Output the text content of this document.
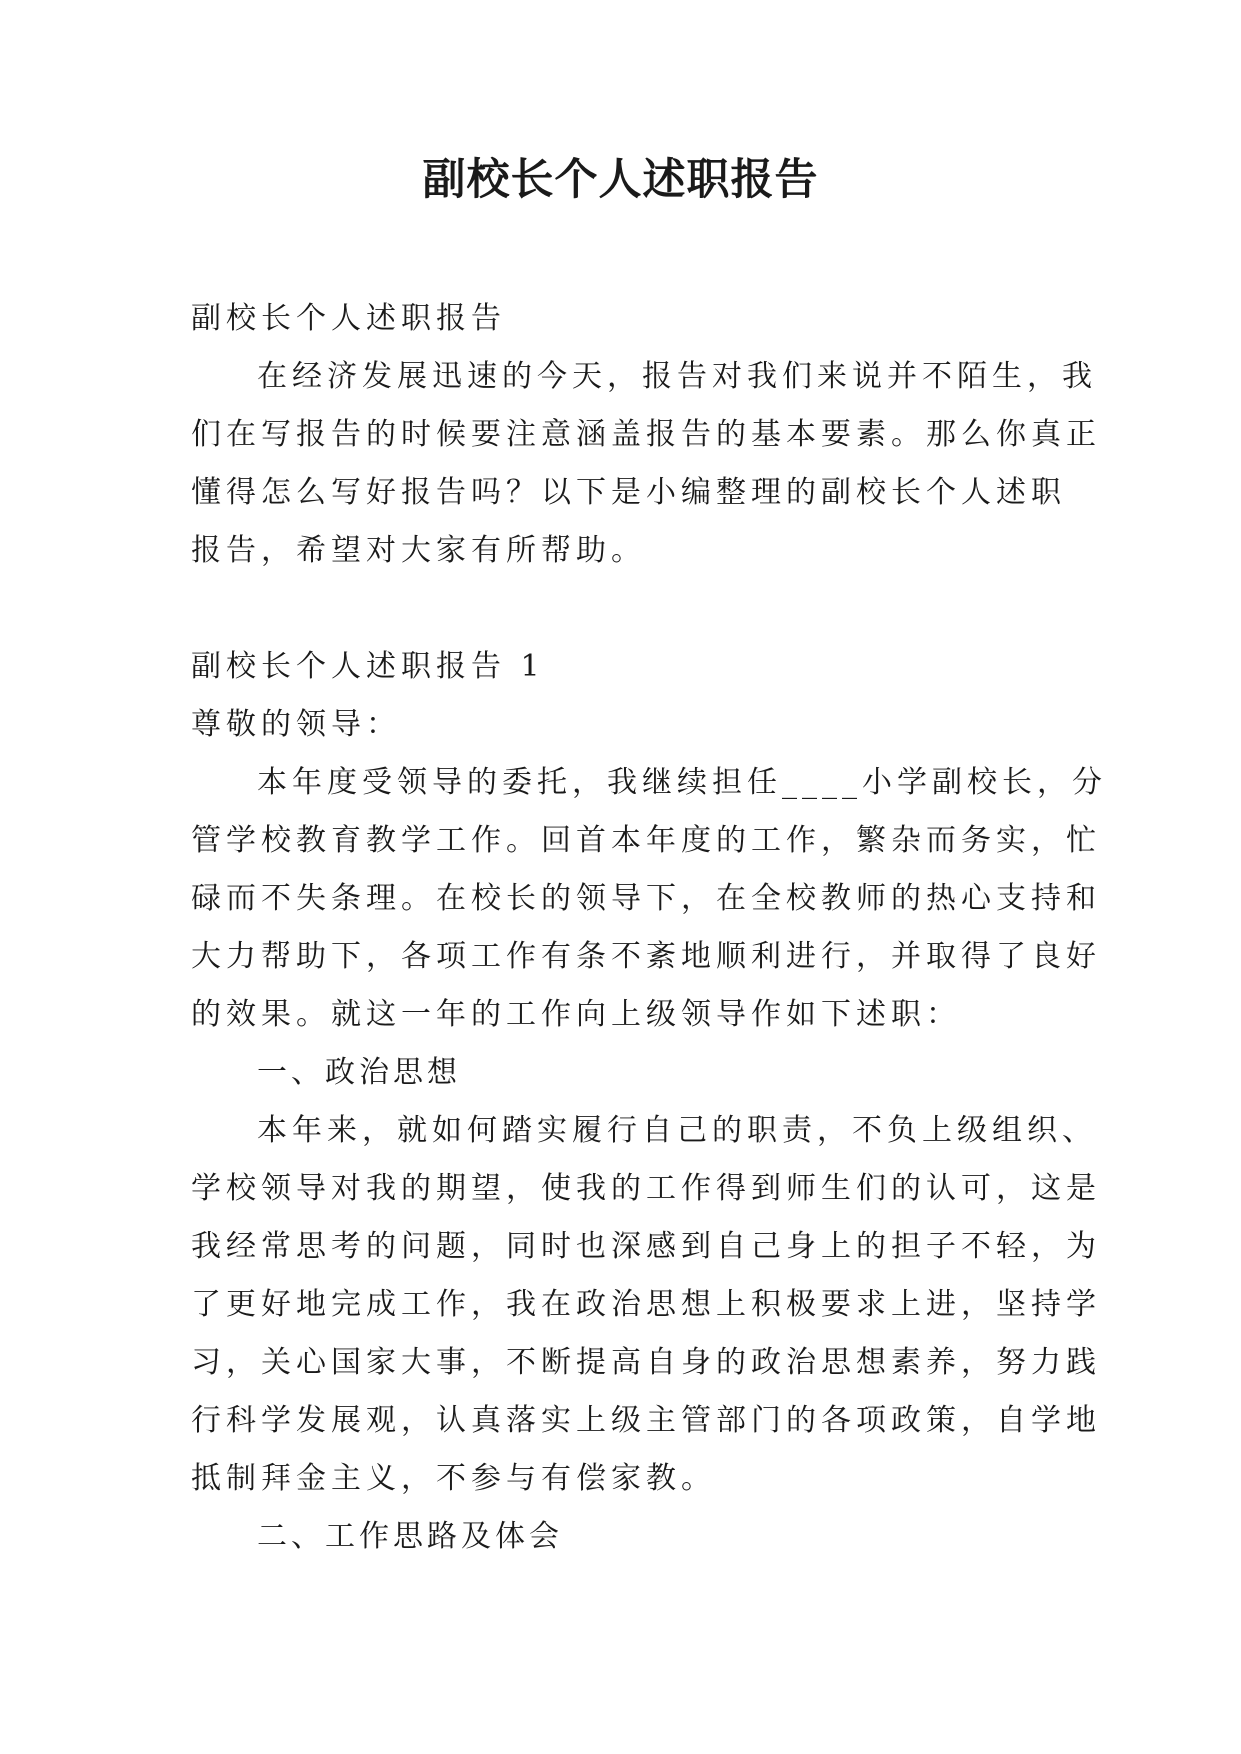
副校长个人述职报告

副校长个人述职报告

在经济发展迅速的今天，报告对我们来说并不陌生，我

们在写报告的时候要注意涵盖报告的基本要素。那么你真正

懂得怎么写好报告吗？以下是小编整理的副校长个人述职

报告，希望对大家有所帮助。

副校长个人述职报告 1

尊敬的领导：

本年度受领导的委托，我继续担任____小学副校长，分

管学校教育教学工作。回首本年度的工作，繁杂而务实，忙

碌而不失条理。在校长的领导下，在全校教师的热心支持和

大力帮助下，各项工作有条不紊地顺利进行，并取得了良好

的效果。就这一年的工作向上级领导作如下述职：

一、政治思想

本年来，就如何踏实履行自己的职责，不负上级组织、

学校领导对我的期望，使我的工作得到师生们的认可，这是

我经常思考的问题，同时也深感到自己身上的担子不轻，为

了更好地完成工作，我在政治思想上积极要求上进，坚持学

习，关心国家大事，不断提高自身的政治思想素养，努力践

行科学发展观，认真落实上级主管部门的各项政策，自学地

抵制拜金主义，不参与有偿家教。

二、工作思路及体会
